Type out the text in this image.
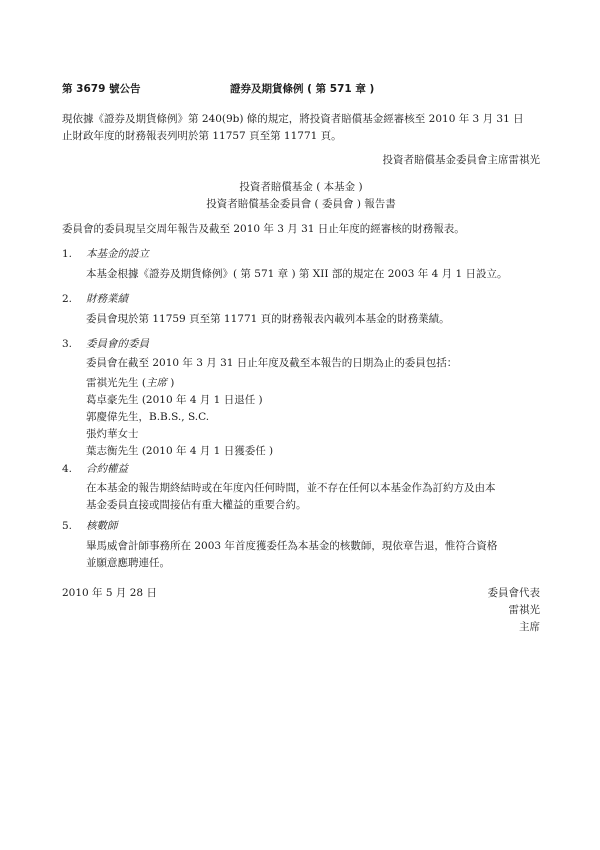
第 3679 號公告	證券及期貨條例 ( 第 571 章 )
現依據《證券及期貨條例》第 240(9b) 條的規定，將投資者賠償基金經審核至 2010 年 3 月 31 日
止財政年度的財務報表列明於第 11757 頁至第 11771 頁。
投資者賠償基金委員會主席雷祺光
投資者賠償基金 ( 本基金 )
投資者賠償基金委員會 ( 委員會 ) 報告書
委員會的委員現呈交周年報告及截至 2010 年 3 月 31 日止年度的經審核的財務報表。
1. 本基金的設立
本基金根據《證券及期貨條例》( 第 571 章 ) 第 XII 部的規定在 2003 年 4 月 1 日設立。
2. 財務業績
委員會現於第 11759 頁至第 11771 頁的財務報表內載列本基金的財務業績。
3. 委員會的委員
委員會在截至 2010 年 3 月 31 日止年度及截至本報告的日期為止的委員包括：
雷祺光先生 (主席 )
葛卓豪先生 (2010 年 4 月 1 日退任 )
郭慶偉先生，B.B.S., S.C.
張灼華女士
葉志衡先生 (2010 年 4 月 1 日獲委任 )
4. 合約權益
在本基金的報告期終結時或在年度內任何時間，並不存在任何以本基金作為訂約方及由本
基金委員直接或間接佔有重大權益的重要合約。
5. 核數師
畢馬威會計師事務所在 2003 年首度獲委任為本基金的核數師，現依章告退，惟符合資格
並願意應聘連任。
2010 年 5 月 28 日	委員會代表
雷祺光
主席
